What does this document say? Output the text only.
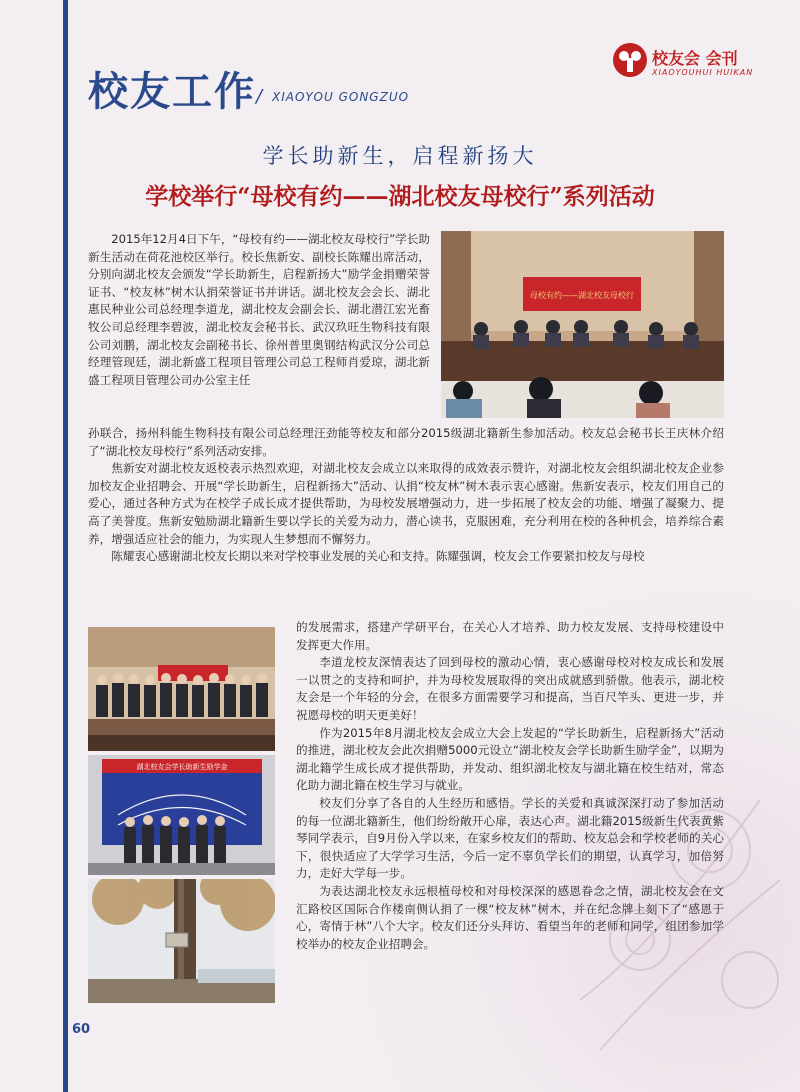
校友工作 / XIAOYOU GONGZUO
校友会 会刊
XIAOYOUHUI HUIKAN
学长助新生，启程新扬大
学校举行“母校有约——湖北校友母校行”系列活动
母校有约——湖北校友母校行

2015年12月4日下午，“母校有约——湖北校友母校行”学长助新生活动在荷花池校区举行。校长焦新安、副校长陈耀出席活动，分别向湖北校友会颁发“学长助新生，启程新扬大”励学金捐赠荣誉证书、“校友林”树木认捐荣誉证书并讲话。湖北校友会会长、湖北惠民种业公司总经理李道龙，湖北校友会副会长、湖北潜江宏光畜牧公司总经理李碧波，湖北校友会秘书长、武汉玖旺生物科技有限公司刘鹏，湖北校友会副秘书长、徐州普里奥钢结构武汉分公司总经理管现廷，湖北新盛工程项目管理公司总工程师肖爱琼，湖北新盛工程项目管理公司办公室主任

孙联合，扬州科能生物科技有限公司总经理汪劲能等校友和部分2015级湖北籍新生参加活动。校友总会秘书长王庆林介绍了“湖北校友母校行”系列活动安排。

焦新安对湖北校友返校表示热烈欢迎，对湖北校友会成立以来取得的成效表示赞许，对湖北校友会组织湖北校友企业参加校友企业招聘会、开展“学长助新生，启程新扬大”活动、认捐“校友林”树木表示衷心感谢。焦新安表示，校友们用自己的爱心，通过各种方式为在校学子成长成才提供帮助，为母校发展增强动力，进一步拓展了校友会的功能、增强了凝聚力、提高了美誉度。焦新安勉励湖北籍新生要以学长的关爱为动力，潜心读书，克服困难，充分利用在校的各种机会，培养综合素养，增强适应社会的能力，为实现人生梦想而不懈努力。

陈耀衷心感谢湖北校友长期以来对学校事业发展的关心和支持。陈耀强调，校友会工作要紧扣校友与母校

湖北校友会学长助新生励学金

的发展需求，搭建产学研平台，在关心人才培养、助力校友发展、支持母校建设中发挥更大作用。

李道龙校友深情表达了回到母校的激动心情，衷心感谢母校对校友成长和发展一以贯之的支持和呵护，并为母校发展取得的突出成就感到骄傲。他表示，湖北校友会是一个年轻的分会，在很多方面需要学习和提高，当百尺竿头、更进一步，并祝愿母校的明天更美好！

作为2015年8月湖北校友会成立大会上发起的“学长助新生，启程新扬大”活动的推进，湖北校友会此次捐赠5000元设立“湖北校友会学长助新生励学金”，以期为湖北籍学生成长成才提供帮助，并发动、组织湖北校友与湖北籍在校生结对，常态化助力湖北籍在校生学习与就业。

校友们分享了各自的人生经历和感悟。学长的关爱和真诚深深打动了参加活动的每一位湖北籍新生，他们纷纷敞开心扉，表达心声。湖北籍2015级新生代表黄紫琴同学表示，自9月份入学以来，在家乡校友们的帮助、校友总会和学校老师的关心下，很快适应了大学学习生活，今后一定不辜负学长们的期望，认真学习，加倍努力，走好大学每一步。

为表达湖北校友永远根植母校和对母校深深的感恩眷念之情，湖北校友会在文汇路校区国际合作楼南侧认捐了一棵“校友林”树木，并在纪念牌上刻下了“感恩于心，寄情于林”八个大字。校友们还分头拜访、看望当年的老师和同学，组团参加学校举办的校友企业招聘会。

60
